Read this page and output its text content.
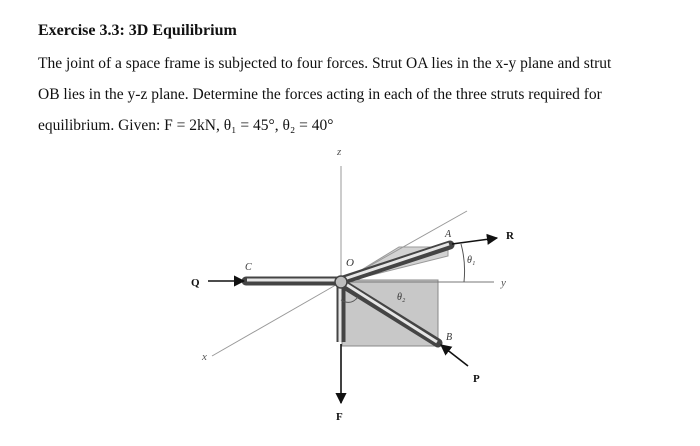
Exercise 3.3: 3D Equilibrium
The joint of a space frame is subjected to four forces. Strut OA lies in the x-y plane and strut
OB lies in the y-z plane. Determine the forces acting in each of the three struts required for
equilibrium. Given: F = 2kN, θ₁ = 45°, θ₂ = 40°
z
y
x
O
A
B
C
Q
R
P
F
θ₁
θ₂
